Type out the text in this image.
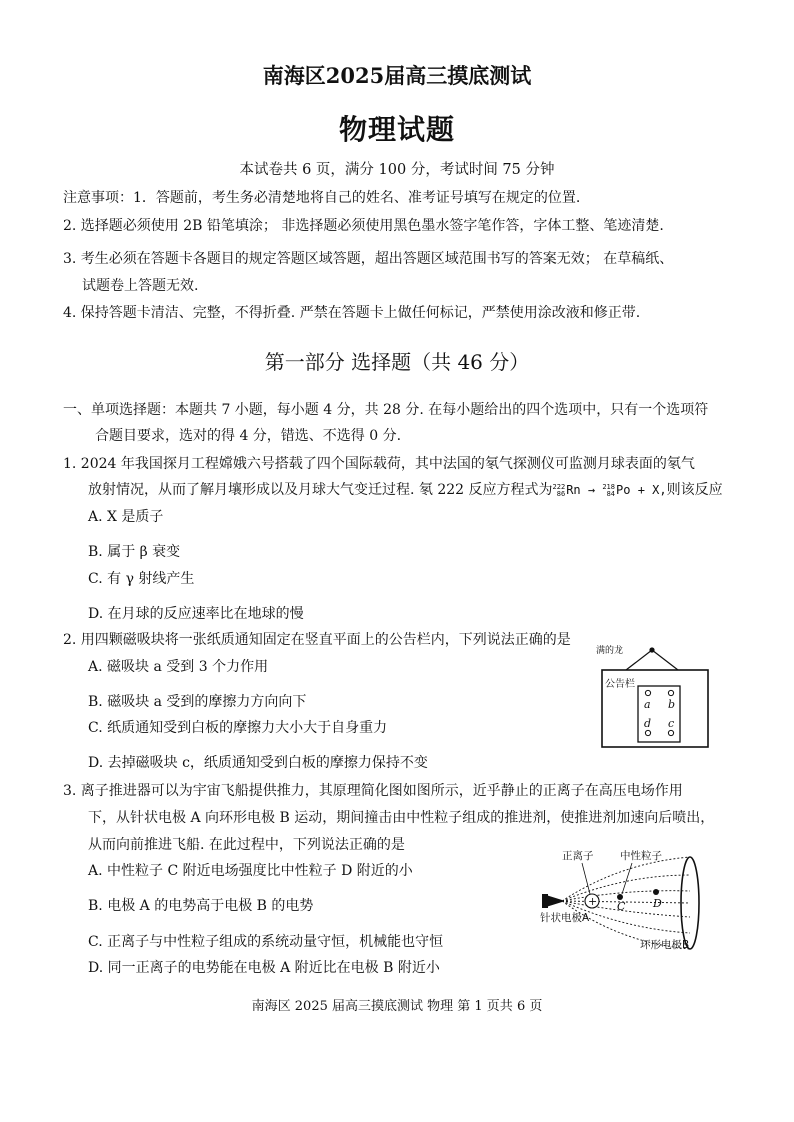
南海区2025届高三摸底测试
物理试题
本试卷共 6 页，满分 100 分，考试时间 75 分钟
注意事项：1．答题前，考生务必清楚地将自己的姓名、准考证号填写在规定的位置.
2. 选择题必须使用 2B 铅笔填涂； 非选择题必须使用黑色墨水签字笔作答，字体工整、笔迹清楚.
3. 考生必须在答题卡各题目的规定答题区域答题，超出答题区域范围书写的答案无效； 在草稿纸、
试题卷上答题无效.
4. 保持答题卡清洁、完整，不得折叠. 严禁在答题卡上做任何标记，严禁使用涂改液和修正带.
第一部分 选择题（共 46 分）
一、单项选择题：本题共 7 小题，每小题 4 分，共 28 分. 在每小题给出的四个选项中，只有一个选项符
合题目要求，选对的得 4 分，错选、不选得 0 分.
1. 2024 年我国探月工程嫦娥六号搭载了四个国际载荷，其中法国的氡气探测仪可监测月球表面的氡气
放射情况，从而了解月壤形成以及月球大气变迁过程. 氡 222 反应方程式为 222
86 Rn → 218
84 Po + X,则该反应
A. X 是质子
B. 属于 β 衰变
C. 有 γ 射线产生
D. 在月球的反应速率比在地球的慢
2. 用四颗磁吸块将一张纸质通知固定在竖直平面上的公告栏内，下列说法正确的是
A. 磁吸块 a 受到 3 个力作用
B. 磁吸块 a 受到的摩擦力方向向下
C. 纸质通知受到白板的摩擦力大小大于自身重力
D. 去掉磁吸块 c，纸质通知受到白板的摩擦力保持不变
满的龙
公告栏
a b
d c
3. 离子推进器可以为宇宙飞船提供推力，其原理简化图如图所示，近乎静止的正离子在高压电场作用
下，从针状电极 A 向环形电极 B 运动，期间撞击由中性粒子组成的推进剂，使推进剂加速向后喷出，
从而向前推进飞船. 在此过程中，下列说法正确的是
A. 中性粒子 C 附近电场强度比中性粒子 D 附近的小
B. 电极 A 的电势高于电极 B 的电势
C. 正离子与中性粒子组成的系统动量守恒，机械能也守恒
D. 同一正离子的电势能在电极 A 附近比在电极 B 附近小
+ C	D
正离子	中性粒子
针状电极A
环形电极B
南海区 2025 届高三摸底测试 物理 第 1 页共 6 页
